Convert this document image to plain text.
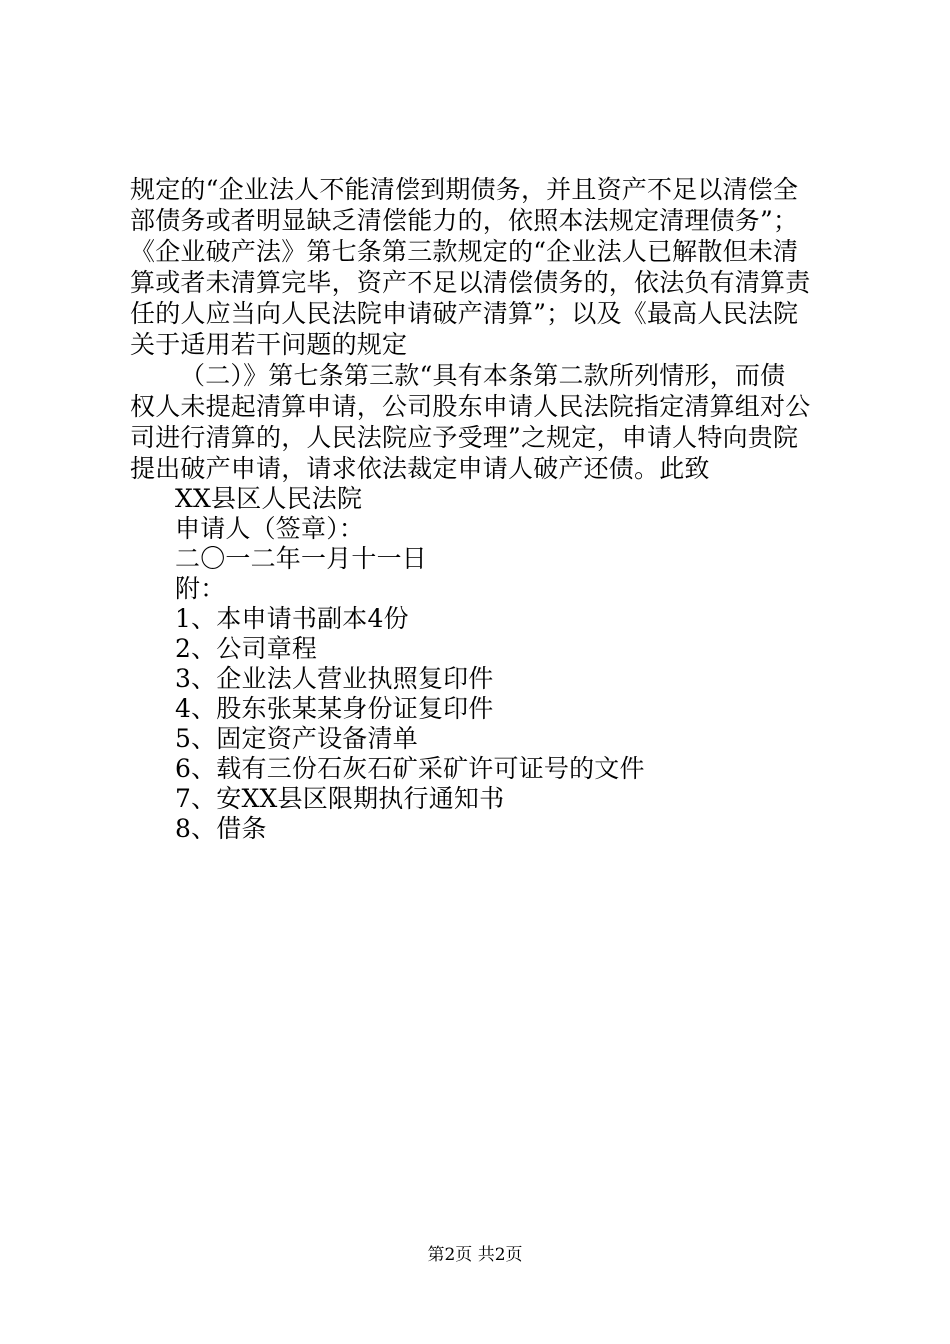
规定的“企业法人不能清偿到期债务，并且资产不足以清偿全
部债务或者明显缺乏清偿能力的，依照本法规定清理债务”；
《企业破产法》第七条第三款规定的“企业法人已解散但未清
算或者未清算完毕，资产不足以清偿债务的，依法负有清算责
任的人应当向人民法院申请破产清算”；以及《最高人民法院
关于适用若干问题的规定
（二）》第七条第三款“具有本条第二款所列情形，而债
权人未提起清算申请，公司股东申请人民法院指定清算组对公
司进行清算的，人民法院应予受理”之规定，申请人特向贵院
提出破产申请，请求依法裁定申请人破产还债。此致
XX县区人民法院
申请人（签章）：
二〇一二年一月十一日
附：
1、本申请书副本4份
2、公司章程
3、企业法人营业执照复印件
4、股东张某某身份证复印件
5、固定资产设备清单
6、载有三份石灰石矿采矿许可证号的文件
7、安XX县区限期执行通知书
8、借条
第2页 共2页
